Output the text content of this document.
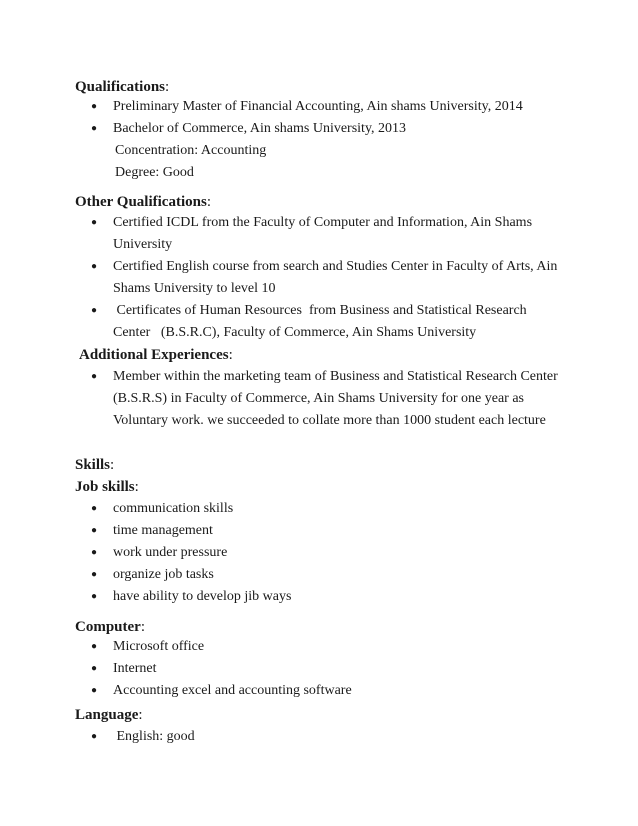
Qualifications:
● Preliminary Master of Financial Accounting, Ain shams University, 2014
● Bachelor of Commerce, Ain shams University, 2013
Concentration: Accounting
Degree: Good
Other Qualifications:
● Certified ICDL from the Faculty of Computer and Information, Ain Shams University
● Certified English course from search and Studies Center in Faculty of Arts, Ain Shams University to level 10
● Certificates of Human Resources  from Business and Statistical Research Center   (B.S.R.C), Faculty of Commerce, Ain Shams University
Additional Experiences:
● Member within the marketing team of Business and Statistical Research Center (B.S.R.S) in Faculty of Commerce, Ain Shams University for one year as Voluntary work. we succeeded to collate more than 1000 student each lecture
Skills:
Job skills:
● communication skills
● time management
● work under pressure
● organize job tasks
● have ability to develop jib ways
Computer:
● Microsoft office
● Internet
● Accounting excel and accounting software
Language:
● English: good
